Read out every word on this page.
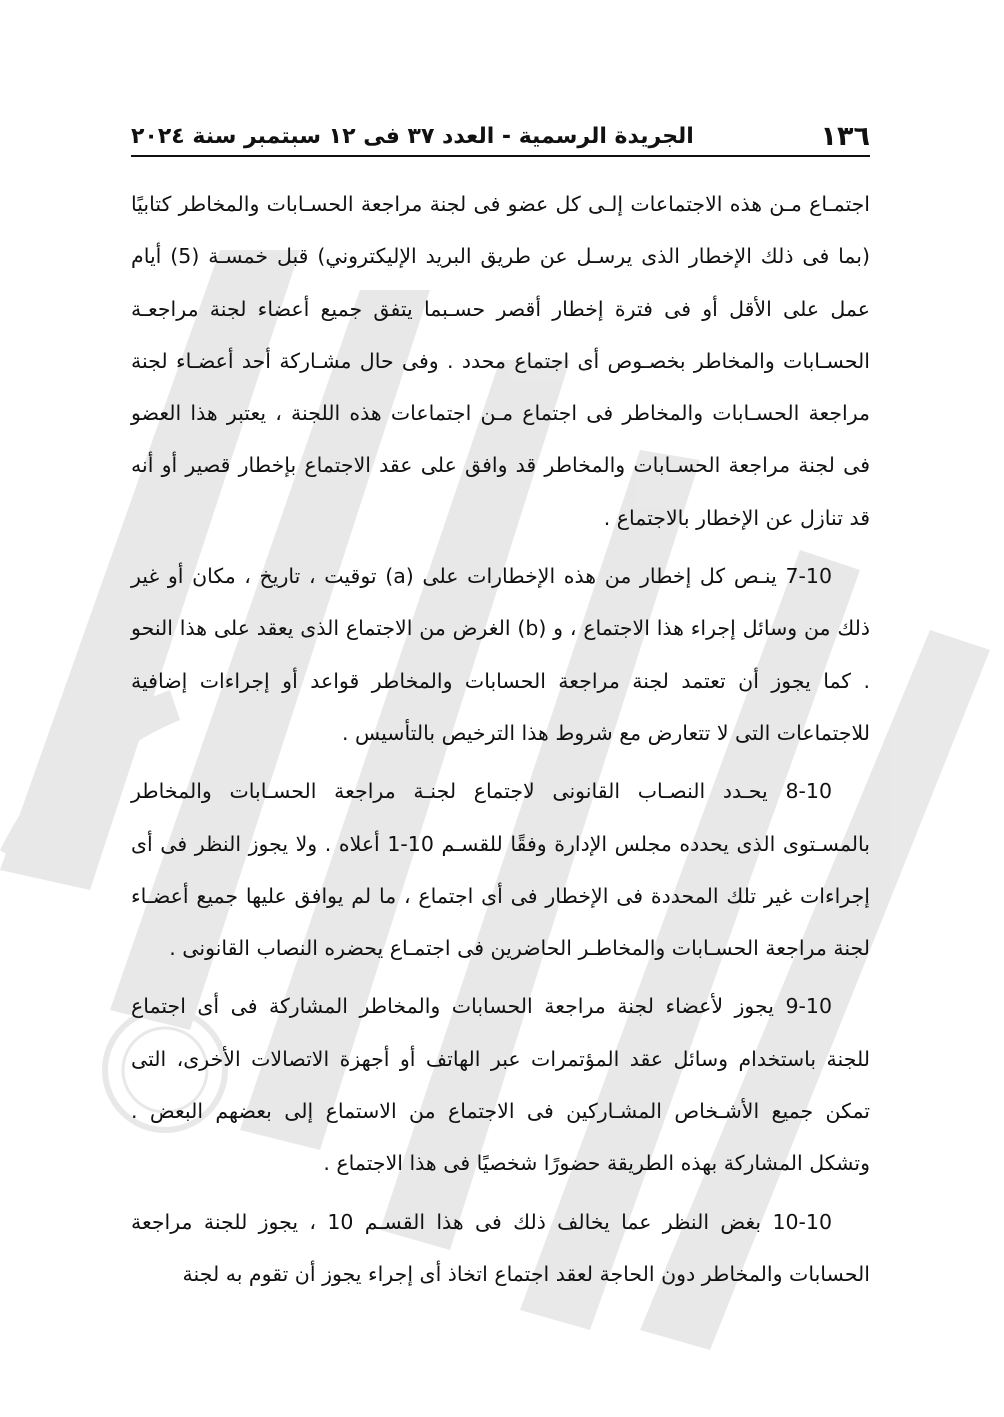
١٣٦
الجريدة الرسمية - العدد ٣٧ فى ١٢ سبتمبر سنة ٢٠٢٤

اجتمـاع مـن هذه الاجتماعات إلـى كل عضو فى لجنة مراجعة الحسـابات والمخاطر كتابيًا (بما فى ذلك الإخطار الذى يرسـل عن طريق البريد الإليكتروني) قبل خمسـة (5) أيام عمل على الأقل أو فى فترة إخطار أقصر حسـبما يتفق جميع أعضاء لجنة مراجعـة الحسـابات والمخاطر بخصـوص أى اجتماع محدد . وفى حال مشـاركة أحد أعضـاء لجنة مراجعة الحسـابات والمخاطر فى اجتماع مـن اجتماعات هذه اللجنة ، يعتبر هذا العضو فى لجنة مراجعة الحسـابات والمخاطر قد وافق على عقد الاجتماع بإخطار قصير أو أنه قد تنازل عن الإخطار بالاجتماع .

7-10 ينـص كل إخطار من هذه الإخطارات على (a) توقيت ، تاريخ ، مكان أو غير ذلك من وسائل إجراء هذا الاجتماع ، و (b) الغرض من الاجتماع الذى يعقد على هذا النحو . كما يجوز أن تعتمد لجنة مراجعة الحسابات والمخاطر قواعد أو إجراءات إضافية للاجتماعات التى لا تتعارض مع شروط هذا الترخيص بالتأسيس .

8-10 يحـدد النصـاب القانونى لاجتماع لجنـة مراجعة الحسـابات والمخاطر بالمسـتوى الذى يحدده مجلس الإدارة وفقًا للقسـم 10-1 أعلاه . ولا يجوز النظر فى أى إجراءات غير تلك المحددة فى الإخطار فى أى اجتماع ، ما لم يوافق عليها جميع أعضـاء لجنة مراجعة الحسـابات والمخاطـر الحاضرين فى اجتمـاع يحضره النصاب القانونى .

9-10 يجوز لأعضاء لجنة مراجعة الحسابات والمخاطر المشاركة فى أى اجتماع للجنة باستخدام وسائل عقد المؤتمرات عبر الهاتف أو أجهزة الاتصالات الأخرى، التى تمكن جميع الأشـخاص المشـاركين فى الاجتماع من الاستماع إلى بعضهم البعض . وتشكل المشاركة بهذه الطريقة حضورًا شخصيًا فى هذا الاجتماع .

10-10 بغض النظر عما يخالف ذلك فى هذا القسـم 10 ، يجوز للجنة مراجعة الحسابات والمخاطر دون الحاجة لعقد اجتماع اتخاذ أى إجراء يجوز أن تقوم به لجنة
